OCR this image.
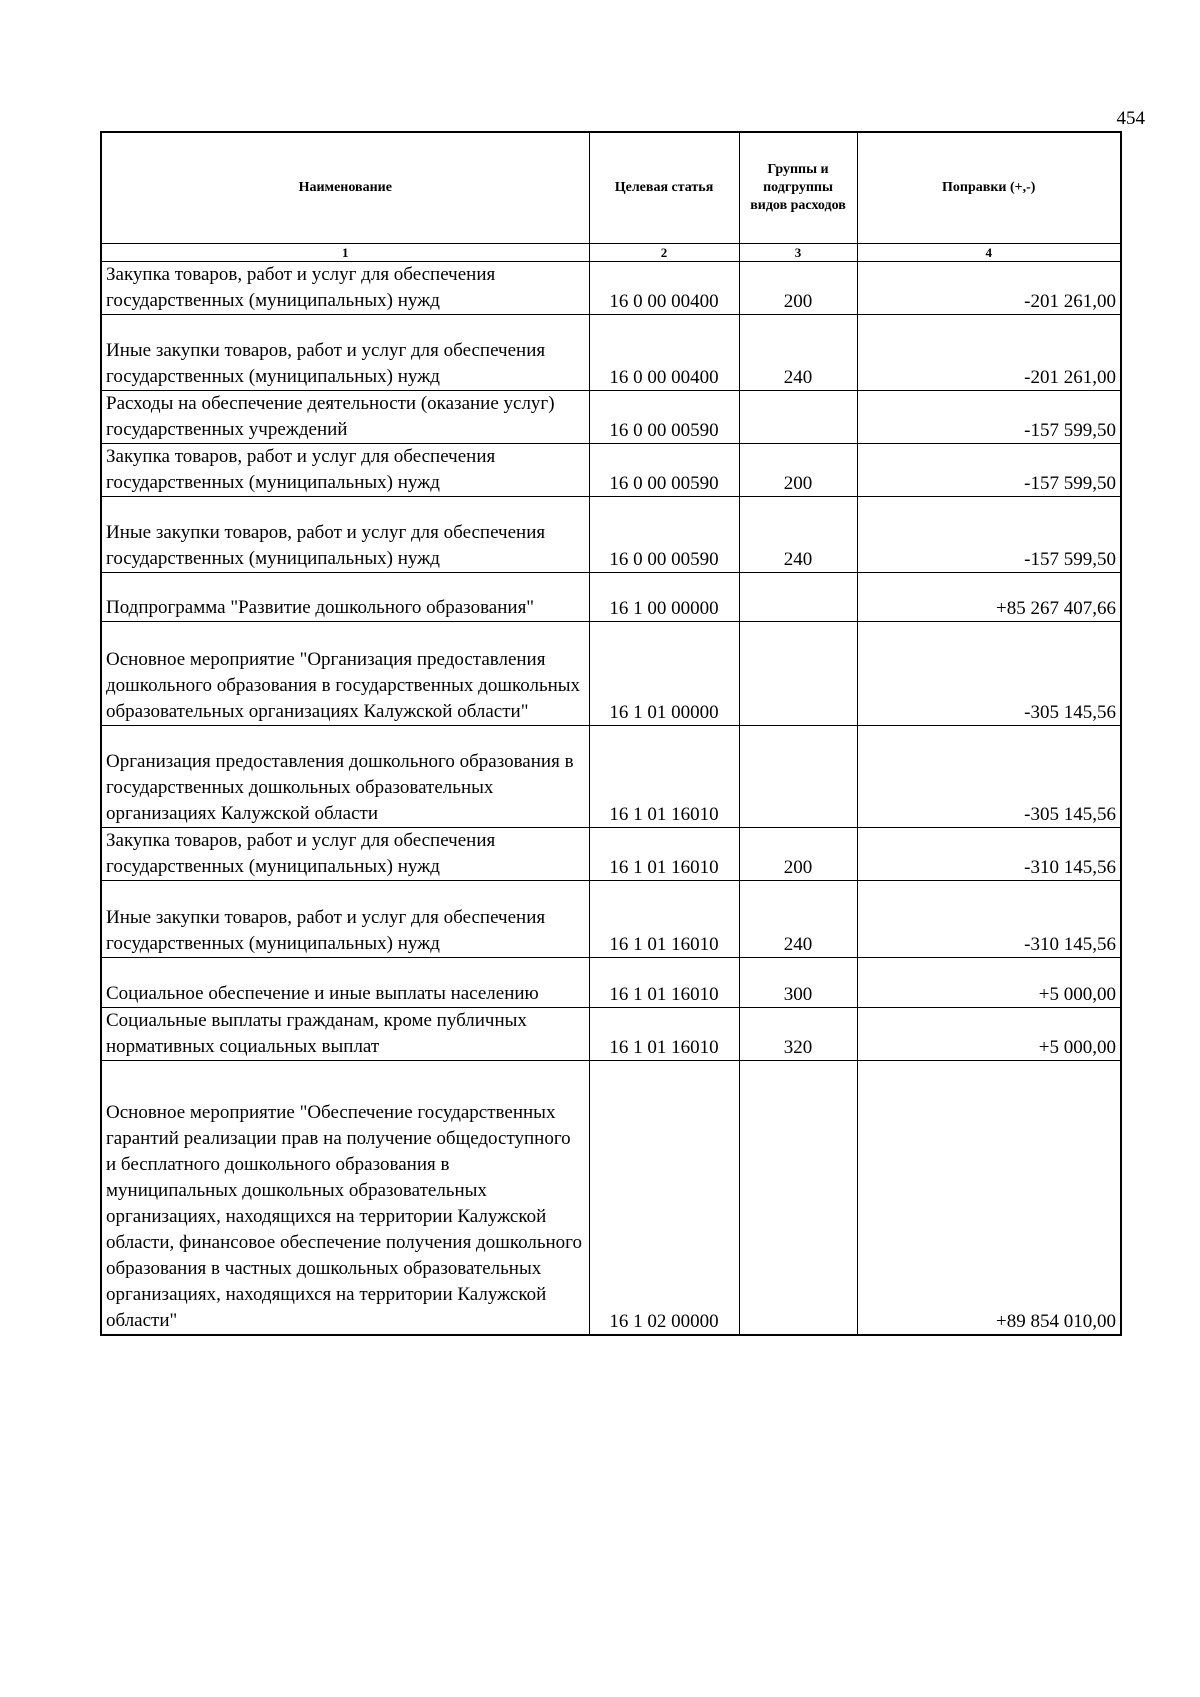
454
Наименование	Целевая статья	Группы и подгруппы видов расходов	Поправки (+,-)
1	2	3	4
Закупка товаров, работ и услуг для обеспечения государственных (муниципальных) нужд	16 0 00 00400	200	-201 261,00
Иные закупки товаров, работ и услуг для обеспечения государственных (муниципальных) нужд	16 0 00 00400	240	-201 261,00
Расходы на обеспечение деятельности (оказание услуг) государственных учреждений	16 0 00 00590		-157 599,50
Закупка товаров, работ и услуг для обеспечения государственных (муниципальных) нужд	16 0 00 00590	200	-157 599,50
Иные закупки товаров, работ и услуг для обеспечения государственных (муниципальных) нужд	16 0 00 00590	240	-157 599,50
Подпрограмма "Развитие дошкольного образования"	16 1 00 00000		+85 267 407,66
Основное мероприятие "Организация предоставления дошкольного образования в государственных дошкольных образовательных организациях Калужской области"	16 1 01 00000		-305 145,56
Организация предоставления дошкольного образования в государственных дошкольных образовательных организациях Калужской области	16 1 01 16010		-305 145,56
Закупка товаров, работ и услуг для обеспечения государственных (муниципальных) нужд	16 1 01 16010	200	-310 145,56
Иные закупки товаров, работ и услуг для обеспечения государственных (муниципальных) нужд	16 1 01 16010	240	-310 145,56
Социальное обеспечение и иные выплаты населению	16 1 01 16010	300	+5 000,00
Социальные выплаты гражданам, кроме публичных нормативных социальных выплат	16 1 01 16010	320	+5 000,00
Основное мероприятие "Обеспечение государственных гарантий реализации прав на получение общедоступного и бесплатного дошкольного образования в муниципальных дошкольных образовательных организациях, находящихся на территории Калужской области, финансовое обеспечение получения дошкольного образования в частных дошкольных образовательных организациях, находящихся на территории Калужской области"	16 1 02 00000		+89 854 010,00
